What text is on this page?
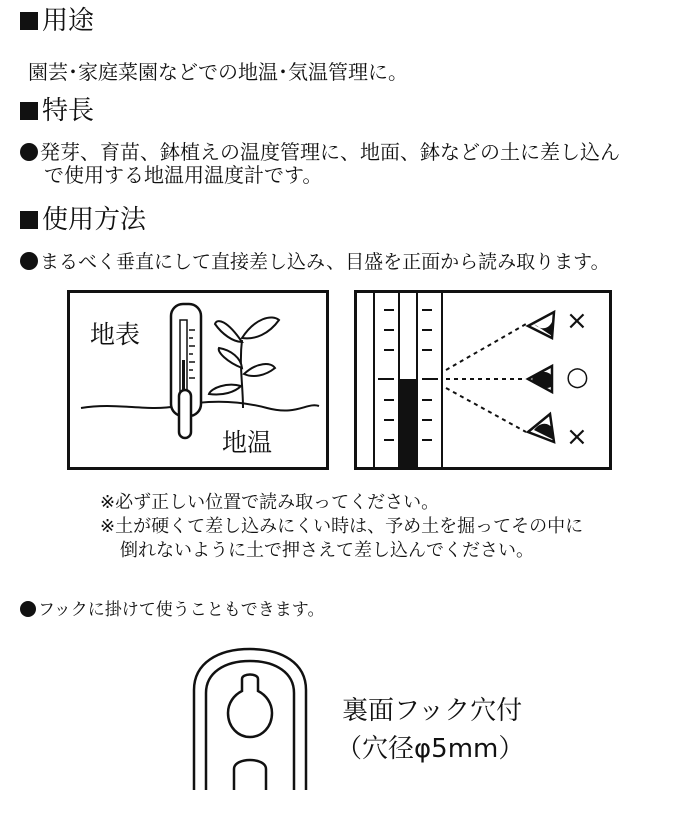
用途
園芸･家庭菜園などでの地温･気温管理に。
特長
発芽、育苗、鉢植えの温度管理に、地面、鉢などの土に差し込ん
で使用する地温用温度計です。
使用方法
まるべく垂直にして直接差し込み、目盛を正面から読み取ります。
地表
地温
×
○
×
※必ず正しい位置で読み取ってください。
※土が硬くて差し込みにくい時は、予め土を掘ってその中に
倒れないように土で押さえて差し込んでください。
フックに掛けて使うこともできます。
裏面フック穴付
（穴径φ5mm）
